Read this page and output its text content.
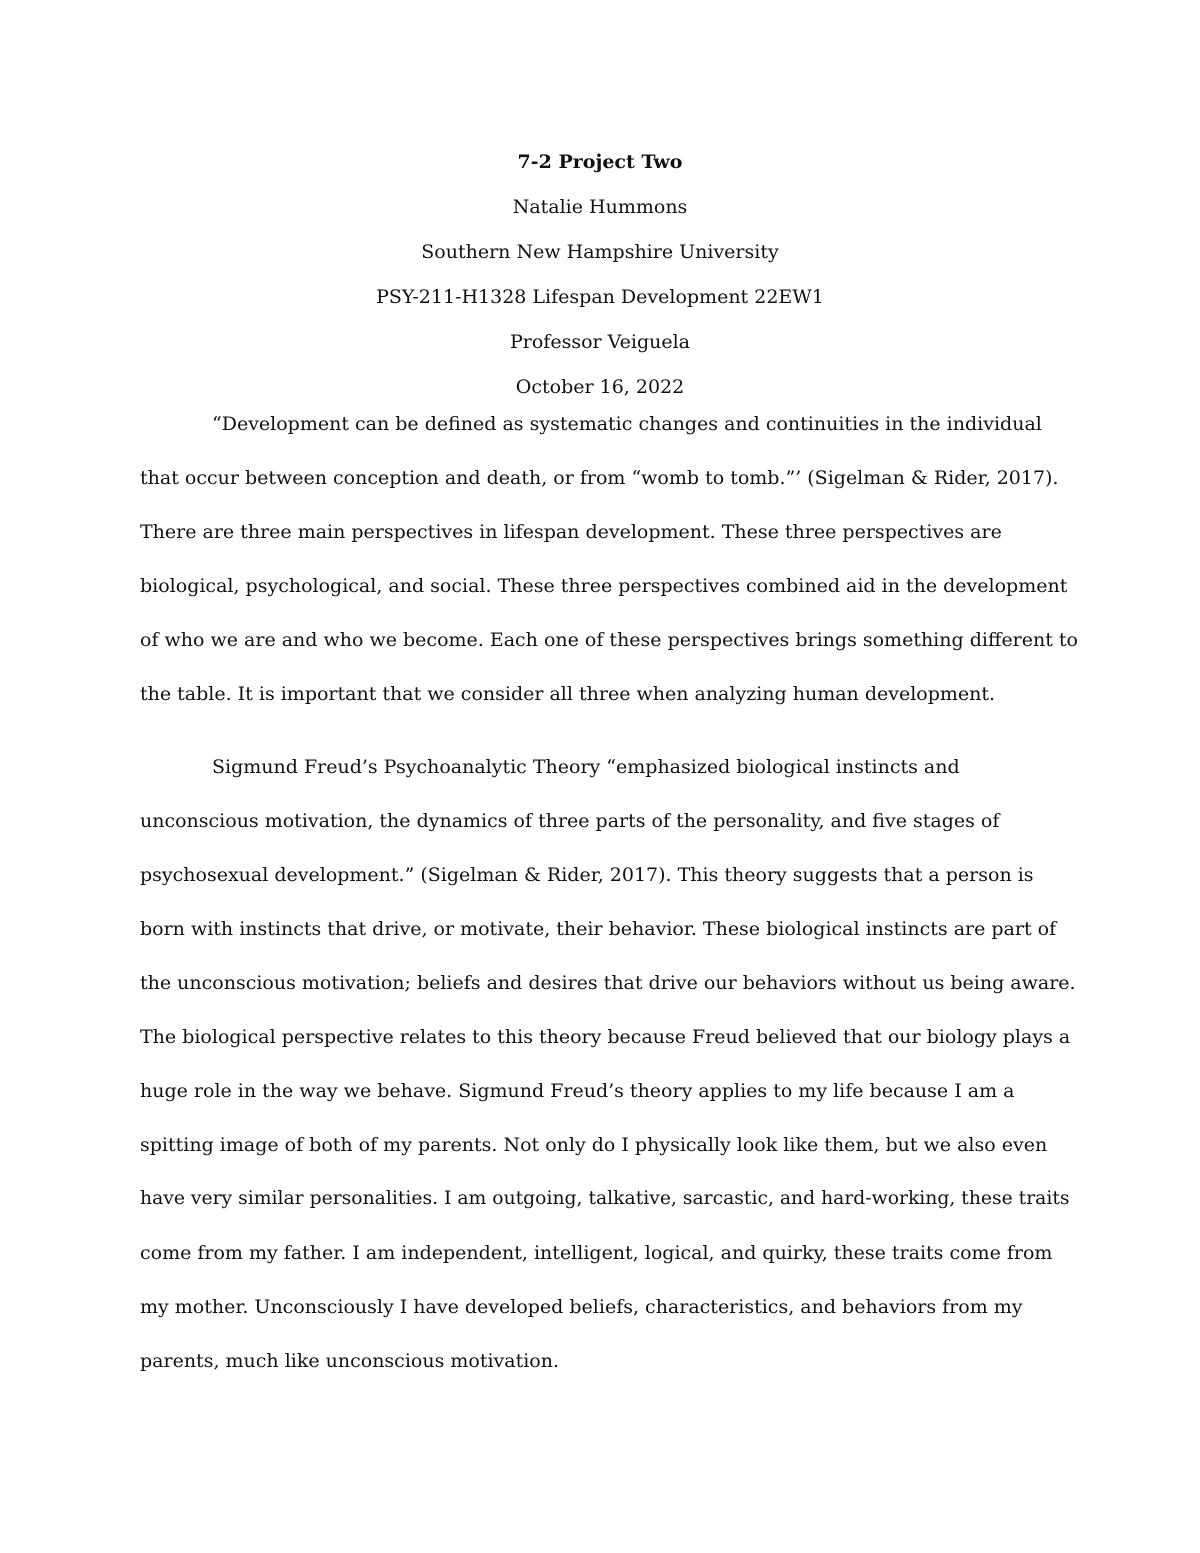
7-2 Project Two
Natalie Hummons
Southern New Hampshire University
PSY-211-H1328 Lifespan Development 22EW1
Professor Veiguela
October 16, 2022
“Development can be defined as systematic changes and continuities in the individual
that occur between conception and death, or from “womb to tomb.”’ (Sigelman & Rider, 2017).
There are three main perspectives in lifespan development. These three perspectives are
biological, psychological, and social. These three perspectives combined aid in the development
of who we are and who we become. Each one of these perspectives brings something different to
the table. It is important that we consider all three when analyzing human development.
Sigmund Freud’s Psychoanalytic Theory “emphasized biological instincts and
unconscious motivation, the dynamics of three parts of the personality, and five stages of
psychosexual development.” (Sigelman & Rider, 2017). This theory suggests that a person is
born with instincts that drive, or motivate, their behavior. These biological instincts are part of
the unconscious motivation; beliefs and desires that drive our behaviors without us being aware.
The biological perspective relates to this theory because Freud believed that our biology plays a
huge role in the way we behave. Sigmund Freud’s theory applies to my life because I am a
spitting image of both of my parents. Not only do I physically look like them, but we also even
have very similar personalities. I am outgoing, talkative, sarcastic, and hard-working, these traits
come from my father. I am independent, intelligent, logical, and quirky, these traits come from
my mother. Unconsciously I have developed beliefs, characteristics, and behaviors from my
parents, much like unconscious motivation.
